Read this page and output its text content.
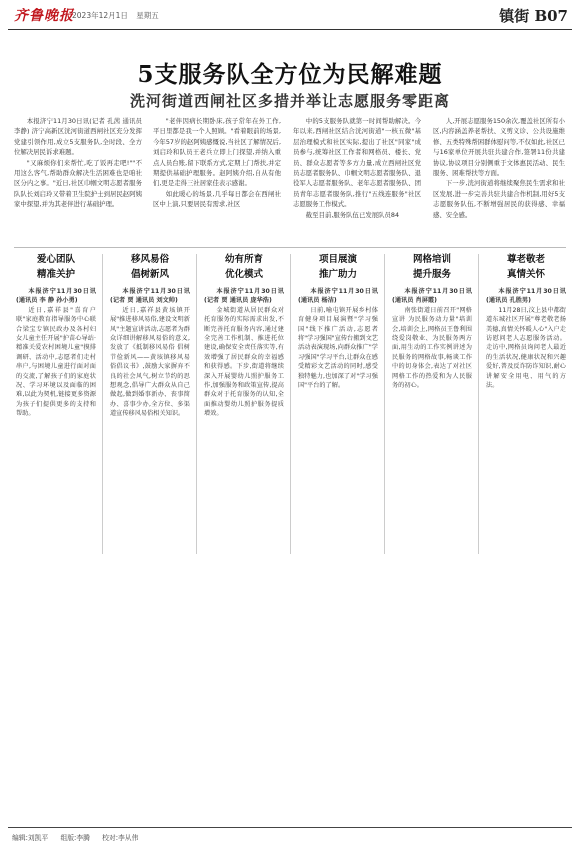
齐鲁晚报
2023年12月1日 星期五	镇街 B07
5支服务队全方位为民解难题
洗河街道西闸社区多措并举让志愿服务零距离

本报济宁11月30日讯(记者 孔茜 通讯员 李静) 济宁高新区洸河街道西闸社区充分发挥党建引领作用,成立5支服务队,全时段、全方位解决居民诉求难题。

"又麻烦你们来帮忙,吃了饭再走吧!""不用这么客气,帮助群众解决生活困难也是咱社区分内之事。"近日,社区巾帼文明志愿者服务队队长刘启玲又带着卫生院护士到居民赵阿姨家中探望,并为其老伴进行基础护理。

"老伴因病长期卧床,孩子常年在外工作,平日里都是我一个人照顾。"看着眼前的场景,今年57岁的赵阿姨感慨说,当社区了解情况后,刘启玲和队员王老兵立即上门探望,并纳入重点人员台账,留下联系方式,定期上门帮扶,并定期提供基础护理服务。赵阿姨介绍,自从有他们,更是走得三社居家佳表示感谢。

如此暖心的场景,几乎每日都会在西闸社区中上演,只要居民有需求,社区

中的5支服务队就第一时间帮助解决。今年以来,西闸社区结合洸河街道"一核五微"基层治理模式和社区实际,提出了社区"同家"成员参与,统筹社区工作者和网格员、楼长、党员、群众志愿者等多方力量,成立西闸社区党员志愿者服务队、巾帼文明志愿者服务队、退役军人志愿者服务队、老年志愿者服务队、团员青年志愿者服务队,推行"五线连服务"社区志愿服务工作模式。

截至目前,服务队伍已发展队员84

人,开展志愿服务150余次,覆盖社区所有小区,内容涵盖养老帮扶、义剪义诊、公共设施维修、五类特殊帮困群体慰问等,不仅如此,社区已与16家单位开展共驻共建合作,签署11份共建协议,协议项目分别侧重于文体惠民活动、民生服务、困难帮扶等方面。

下一步,洸河街道将继续聚焦民生需求和社区发展,进一步完善共驻共建合作机制,用好5支志愿服务队伍,不断增强居民的获得感、幸福感、安全感。

爱心团队
精准关护

本报济宁11月30日讯(通讯员 李 静 孙小勇)

近日,嘉祥县"喜育户联"家庭教育指导服务中心联合梁宝专镇民政办及各村妇女儿童主任开展"护苗心导站·精准关爱农村困境儿童"摸排调研、活动中,志愿者们走村串户,与困境儿童进行面对面的交流,了解孩子们的家庭状况、学习环境以及面临的困难,以此为契机,链接更多资源为孩子们提供更多的支持和帮助。

移风易俗
倡树新风

本报济宁11月30日讯(记者 贾 通讯员 刘文帅)

近日,嘉祥县黄垓镇开展"推进移风易俗,建设文明新风"主题宣讲活动,志愿者为群众详细讲解移风易俗的意义,发放了《抵制移风易俗 倡树节俭新风——黄垓镇移风易俗倡议书》,鼓励大家摒弃不良的社会风气,树立节约的思想观念,倡导广大群众从自己做起,做到婚事新办、丧事简办、喜事少办,全方位、多渠道宣传移风易俗相关知识。

幼有所育
优化模式

本报济宁11月30日讯(记者 贾 通讯员 庞华浩)

金城街道从居民群众对托育服务的实际需求出发,不断完善托育服务内容,通过建全完善工作机制、推进托位建设,确保安全责任落实等,有效增强了居民群众的幸福感和获得感。下步,街道将继续深入开展婴幼儿照护服务工作,加强服务和政策宣传,提高群众对于托育服务的认知,全面推动婴幼儿照护服务提质增效。

项目展演
推广助力

本报济宁11月30日讯(通讯员 杨洁)

日前,喻屯镇开展乡村体育健身项目展演暨"学习强国"线下推广活动,志愿者将"学习强国"宣传台搬到文艺活动表演现场,向群众推广"学习强国"学习平台,让群众在感受精彩文艺活动的同时,感受独特魅力,也加深了对"学习强国"平台的了解。

网格培训
提升服务

本报济宁11月30日讯(通讯员 肖屏霞)

南张街道日前召开"网格宣讲 为民服务动力量"培训会,培训会上,网格员王鲁利围绕爱岗敬业、为民服务两方面,用生动的工作实例讲述为民服务的网格故事,畅谈工作中的切身体会,表达了对社区网格工作的热爱和为人民服务的初心。

尊老敬老
真情关怀

本报济宁11月30日讯(通讯员 孔胜男)

11月28日,汶上县中都街道东城社区开展"尊老敬老扬美德,真情关怀暖人心"入户走访慰问老人志愿服务活动。走访中,网格员询问老人最近的生活状况,健康状况和兴趣爱好,普及反诈防诈知识,耐心讲解安全用电、用气的方法。

编辑:刘凯平 组版:李腾 校对:李从伟
